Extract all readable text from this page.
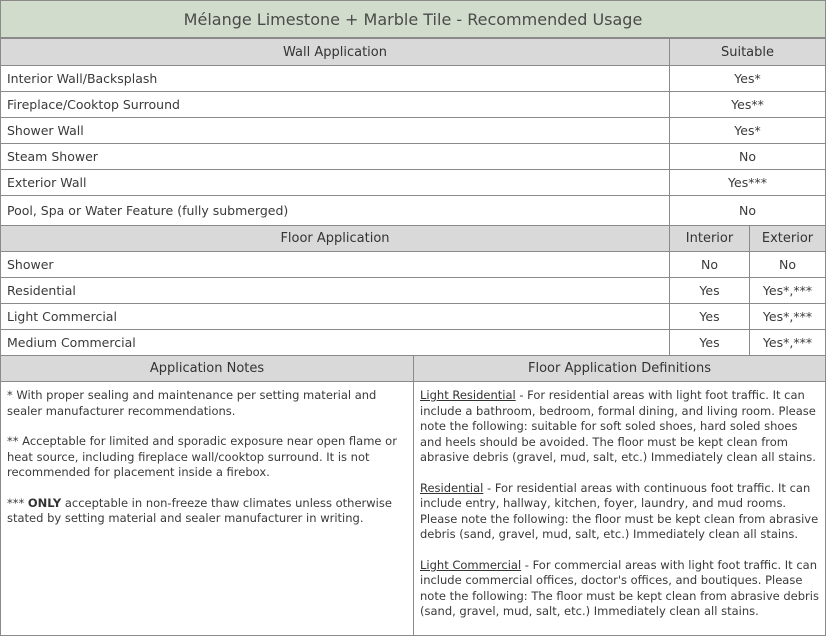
Mélange Limestone + Marble Tile - Recommended Usage
Wall Application	Suitable
Interior Wall/Backsplash	Yes*
Fireplace/Cooktop Surround	Yes**
Shower Wall	Yes*
Steam Shower	No
Exterior Wall	Yes***
Pool, Spa or Water Feature (fully submerged)	No
Floor Application	Interior	Exterior
Shower	No	No
Residential	Yes	Yes*,***
Light Commercial	Yes	Yes*,***
Medium Commercial	Yes	Yes*,***
Application Notes	Floor Application Definitions

* With proper sealing and maintenance per setting material and sealer manufacturer recommendations.

** Acceptable for limited and sporadic exposure near open flame or heat source, including fireplace wall/cooktop surround. It is not recommended for placement inside a firebox.

*** ONLY acceptable in non-freeze thaw climates unless otherwise stated by setting material and sealer manufacturer in writing.

Light Residential - For residential areas with light foot traffic. It can include a bathroom, bedroom, formal dining, and living room. Please note the following: suitable for soft soled shoes, hard soled shoes and heels should be avoided. The floor must be kept clean from abrasive debris (gravel, mud, salt, etc.) Immediately clean all stains.

Residential - For residential areas with continuous foot traffic. It can include entry, hallway, kitchen, foyer, laundry, and mud rooms. Please note the following: the floor must be kept clean from abrasive debris (sand, gravel, mud, salt, etc.) Immediately clean all stains.

Light Commercial - For commercial areas with light foot traffic. It can include commercial offices, doctor's offices, and boutiques. Please note the following: The floor must be kept clean from abrasive debris (sand, gravel, mud, salt, etc.) Immediately clean all stains.
